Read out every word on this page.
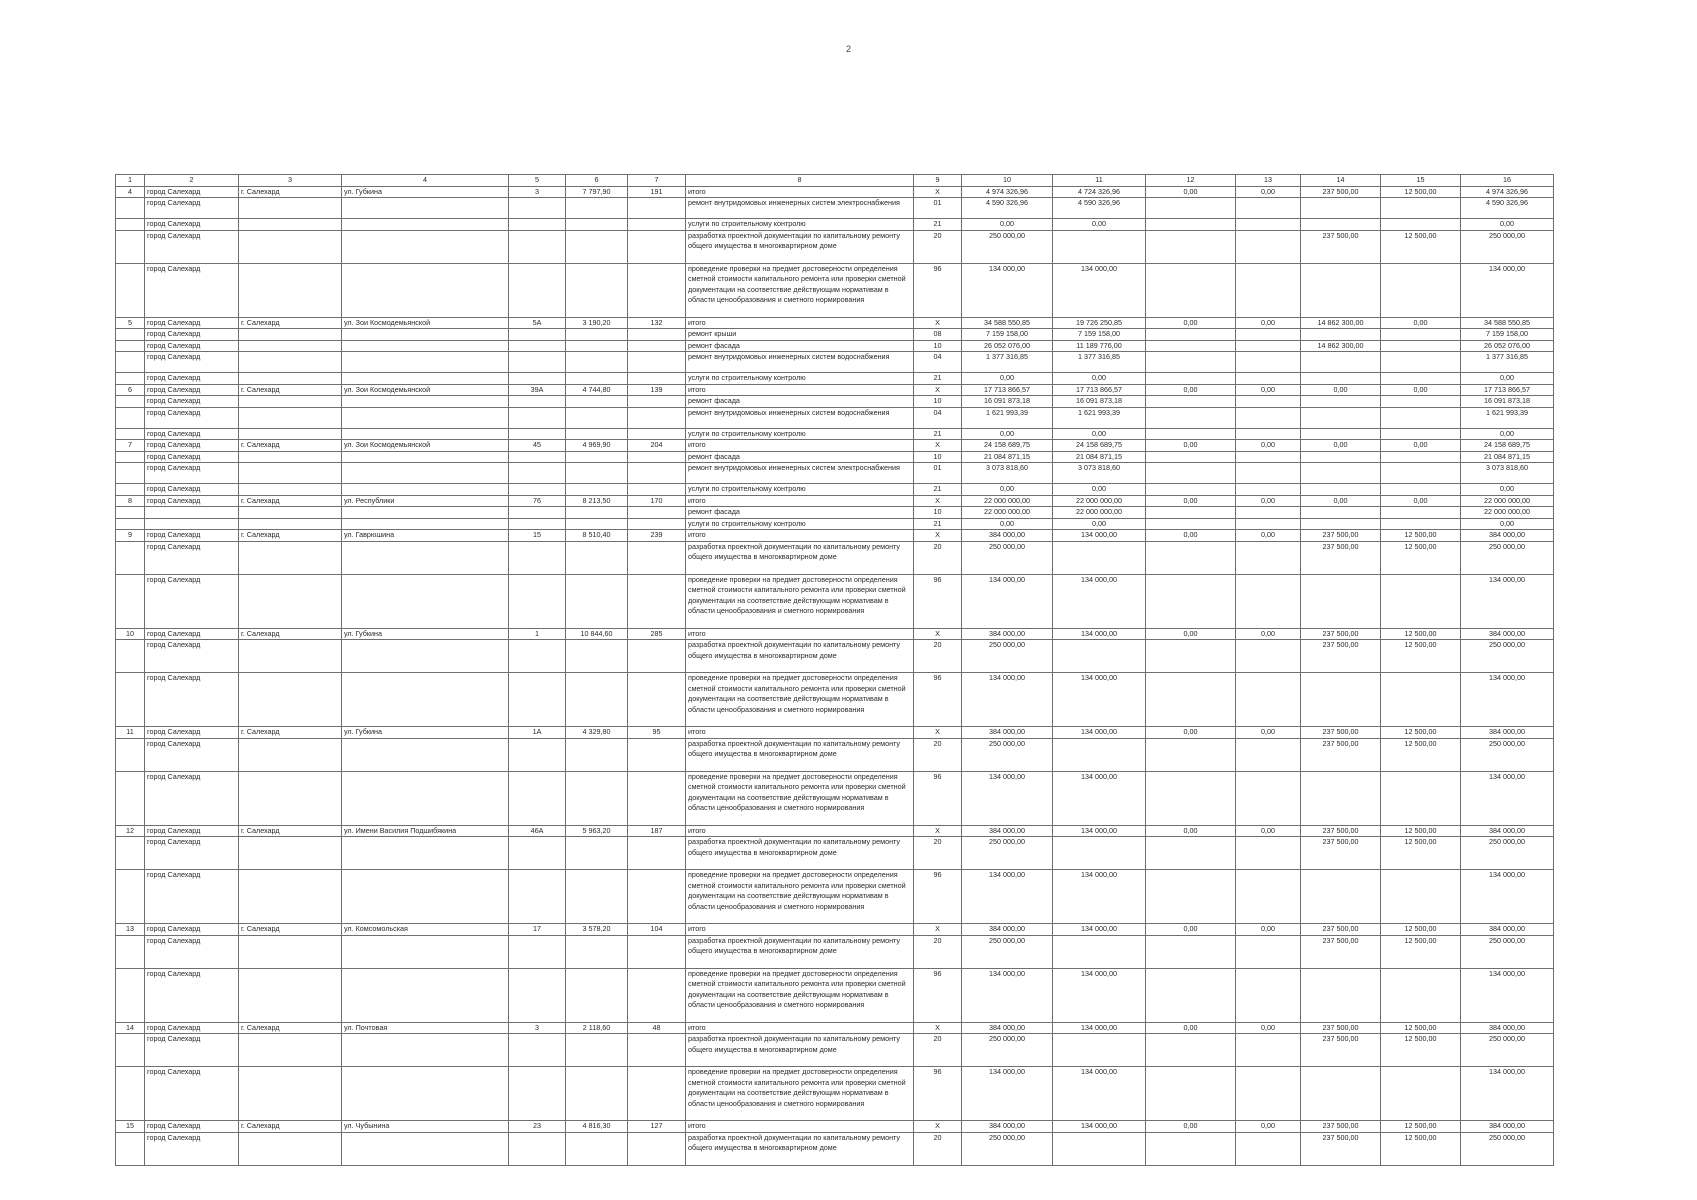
2
1	2	3	4	5	6	7	8	9	10	11	12	13	14	15	16
4	город Салехард	г. Салехард	ул. Губкина	3	7 797,90	191	итого	X	4 974 326,96	4 724 326,96	0,00	0,00	237 500,00	12 500,00	4 974 326,96
	город Салехард						ремонт внутридомовых инженерных систем электроснабжения	01	4 590 326,96	4 590 326,96					4 590 326,96
	город Салехард						услуги по строительному контролю	21	0,00	0,00					0,00
	город Салехард						разработка проектной документации по капитальному ремонту общего имущества в многоквартирном доме	20	250 000,00				237 500,00	12 500,00	250 000,00
	город Салехард						проведение проверки на предмет достоверности определения сметной стоимости капитального ремонта или проверки сметной документации на соответствие действующим нормативам в области ценообразования и сметного нормирования	96	134 000,00	134 000,00					134 000,00
5	город Салехард	г. Салехард	ул. Зои Космодемьянской	5А	3 190,20	132	итого	X	34 588 550,85	19 726 250,85	0,00	0,00	14 862 300,00	0,00	34 588 550,85
	город Салехард						ремонт крыши	08	7 159 158,00	7 159 158,00					7 159 158,00
	город Салехард						ремонт фасада	10	26 052 076,00	11 189 776,00			14 862 300,00		26 052 076,00
	город Салехард						ремонт внутридомовых инженерных систем водоснабжения	04	1 377 316,85	1 377 316,85					1 377 316,85
	город Салехард						услуги по строительному контролю	21	0,00	0,00					0,00
6	город Салехард	г. Салехард	ул. Зои Космодемьянской	39А	4 744,80	139	итого	X	17 713 866,57	17 713 866,57	0,00	0,00	0,00	0,00	17 713 866,57
	город Салехард						ремонт фасада	10	16 091 873,18	16 091 873,18					16 091 873,18
	город Салехард						ремонт внутридомовых инженерных систем водоснабжения	04	1 621 993,39	1 621 993,39					1 621 993,39
	город Салехард						услуги по строительному контролю	21	0,00	0,00					0,00
7	город Салехард	г. Салехард	ул. Зои Космодемьянской	45	4 969,90	204	итого	X	24 158 689,75	24 158 689,75	0,00	0,00	0,00	0,00	24 158 689,75
	город Салехард						ремонт фасада	10	21 084 871,15	21 084 871,15					21 084 871,15
	город Салехард						ремонт внутридомовых инженерных систем электроснабжения	01	3 073 818,60	3 073 818,60					3 073 818,60
	город Салехард						услуги по строительному контролю	21	0,00	0,00					0,00
8	город Салехард	г. Салехард	ул. Республики	76	8 213,50	170	итого	X	22 000 000,00	22 000 000,00	0,00	0,00	0,00	0,00	22 000 000,00
							ремонт фасада	10	22 000 000,00	22 000 000,00					22 000 000,00
							услуги по строительному контролю	21	0,00	0,00					0,00
9	город Салехард	г. Салехард	ул. Гаврюшина	15	8 510,40	239	итого	X	384 000,00	134 000,00	0,00	0,00	237 500,00	12 500,00	384 000,00
	город Салехард						разработка проектной документации по капитальному ремонту общего имущества в многоквартирном доме	20	250 000,00				237 500,00	12 500,00	250 000,00
	город Салехард						проведение проверки на предмет достоверности определения сметной стоимости капитального ремонта или проверки сметной документации на соответствие действующим нормативам в области ценообразования и сметного нормирования	96	134 000,00	134 000,00					134 000,00
10	город Салехард	г. Салехард	ул. Губкина	1	10 844,60	285	итого	X	384 000,00	134 000,00	0,00	0,00	237 500,00	12 500,00	384 000,00
	город Салехард						разработка проектной документации по капитальному ремонту общего имущества в многоквартирном доме	20	250 000,00				237 500,00	12 500,00	250 000,00
	город Салехард						проведение проверки на предмет достоверности определения сметной стоимости капитального ремонта или проверки сметной документации на соответствие действующим нормативам в области ценообразования и сметного нормирования	96	134 000,00	134 000,00					134 000,00
11	город Салехард	г. Салехард	ул. Губкина	1А	4 329,80	95	итого	X	384 000,00	134 000,00	0,00	0,00	237 500,00	12 500,00	384 000,00
	город Салехард						разработка проектной документации по капитальному ремонту общего имущества в многоквартирном доме	20	250 000,00				237 500,00	12 500,00	250 000,00
	город Салехард						проведение проверки на предмет достоверности определения сметной стоимости капитального ремонта или проверки сметной документации на соответствие действующим нормативам в области ценообразования и сметного нормирования	96	134 000,00	134 000,00					134 000,00
12	город Салехард	г. Салехард	ул. Имени Василия Подшибякина	46А	5 963,20	187	итого	X	384 000,00	134 000,00	0,00	0,00	237 500,00	12 500,00	384 000,00
	город Салехард						разработка проектной документации по капитальному ремонту общего имущества в многоквартирном доме	20	250 000,00				237 500,00	12 500,00	250 000,00
	город Салехард						проведение проверки на предмет достоверности определения сметной стоимости капитального ремонта или проверки сметной документации на соответствие действующим нормативам в области ценообразования и сметного нормирования	96	134 000,00	134 000,00					134 000,00
13	город Салехард	г. Салехард	ул. Комсомольская	17	3 578,20	104	итого	X	384 000,00	134 000,00	0,00	0,00	237 500,00	12 500,00	384 000,00
	город Салехард						разработка проектной документации по капитальному ремонту общего имущества в многоквартирном доме	20	250 000,00				237 500,00	12 500,00	250 000,00
	город Салехард						проведение проверки на предмет достоверности определения сметной стоимости капитального ремонта или проверки сметной документации на соответствие действующим нормативам в области ценообразования и сметного нормирования	96	134 000,00	134 000,00					134 000,00
14	город Салехард	г. Салехард	ул. Почтовая	3	2 118,60	48	итого	X	384 000,00	134 000,00	0,00	0,00	237 500,00	12 500,00	384 000,00
	город Салехард						разработка проектной документации по капитальному ремонту общего имущества в многоквартирном доме	20	250 000,00				237 500,00	12 500,00	250 000,00
	город Салехард						проведение проверки на предмет достоверности определения сметной стоимости капитального ремонта или проверки сметной документации на соответствие действующим нормативам в области ценообразования и сметного нормирования	96	134 000,00	134 000,00					134 000,00
15	город Салехард	г. Салехард	ул. Чубынина	23	4 816,30	127	итого	X	384 000,00	134 000,00	0,00	0,00	237 500,00	12 500,00	384 000,00
	город Салехард						разработка проектной документации по капитальному ремонту общего имущества в многоквартирном доме	20	250 000,00				237 500,00	12 500,00	250 000,00
